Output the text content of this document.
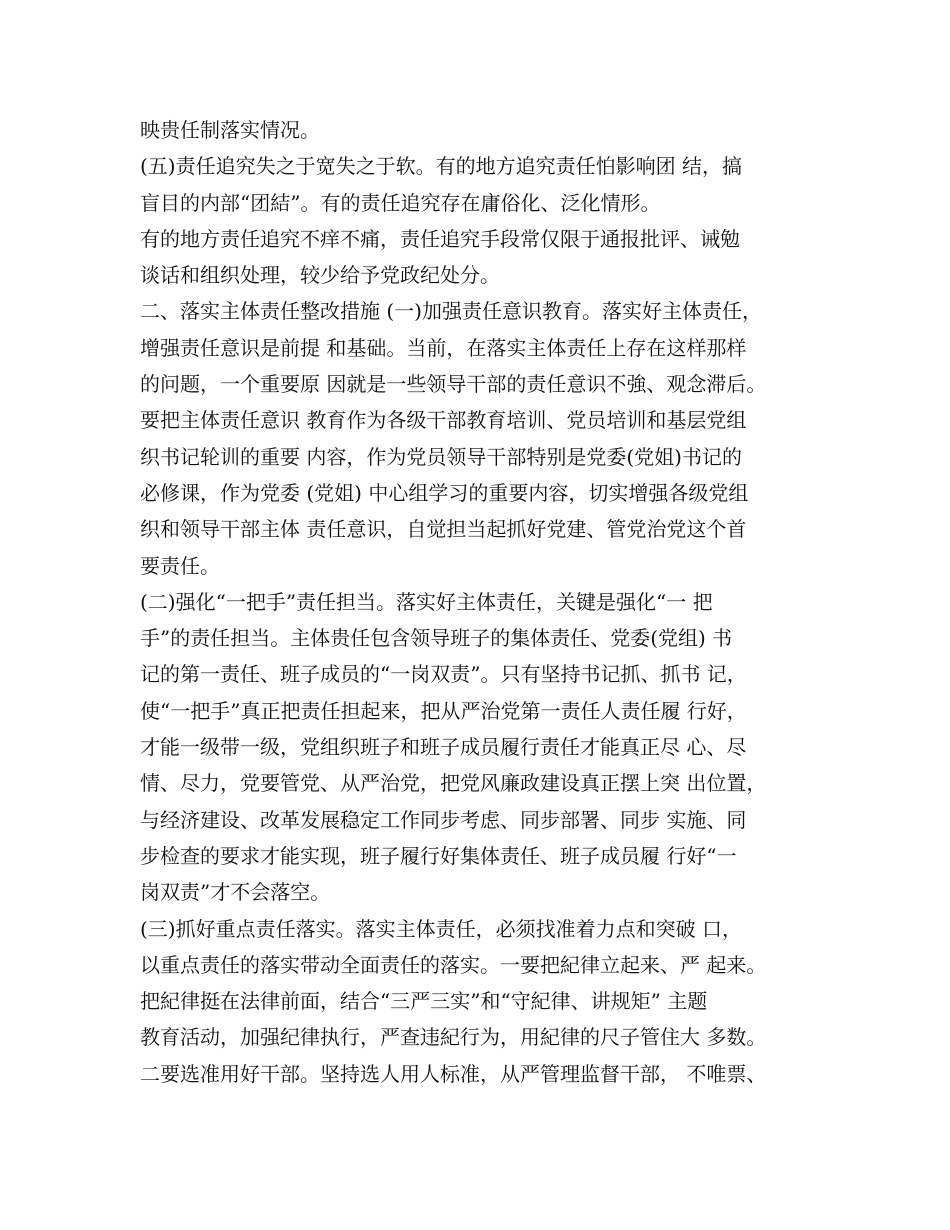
映贵任制落实情况。
(五)责任追究失之于宽失之于软。有的地方追究责任怕影响团 结，搞
盲目的内部“团結”。有的责任追究存在庸俗化、泛化情形。
有的地方责任追究不痒不痛，责任追究手段常仅限于通报批评、诫勉
谈话和组织处理，较少给予党政纪处分。
二、落实主体责任整改措施 (一)加强责任意识教育。落实好主体责任，
增强责任意识是前提 和基础。当前，在落实主体责任上存在这样那样
的问题，一个重要原 因就是一些领导干部的责任意识不強、观念滞后。
要把主体责任意识 教育作为各级干部教育培训、党员培训和基层党组
织书记轮训的重要 内容，作为党员领导干部特别是党委(党姐)书记的
必修课，作为党委 (党姐) 中心组学习的重要内容，切实增强各级党组
织和领导干部主体 责任意识，自觉担当起抓好党建、管党治党这个首
要责任。
(二)强化“一把手”责任担当。落实好主体责任，关键是强化“一 把
手”的责任担当。主体贵任包含领导班子的集体责任、党委(党组) 书
记的第一责任、班子成员的“一岗双责”。只有坚持书记抓、抓书 记，
使“一把手”真正把责任担起来，把从严治党第一责任人责任履 行好，
才能一级带一级，党组织班子和班子成员履行责任才能真正尽 心、尽
情、尽力，党要管党、从严治党，把党风廉政建设真正摆上突 出位置，
与经济建设、改革发展稳定工作同步考虑、同步部署、同步 实施、同
步检查的要求才能实现，班子履行好集体责任、班子成员履 行好“一
岗双责”才不会落空。
(三)抓好重点责任落实。落实主体责任，必须找准着力点和突破 口，
以重点责任的落实带动全面责任的落实。一要把紀律立起来、严 起来。
把紀律挺在法律前面，结合“三严三实”和“守紀律、讲规矩” 主题
教育活动，加强纪律执行，严查违紀行为，用紀律的尺子管住大 多数。
二要选准用好干部。坚持选人用人标准，从严管理监督干部， 不唯票、
